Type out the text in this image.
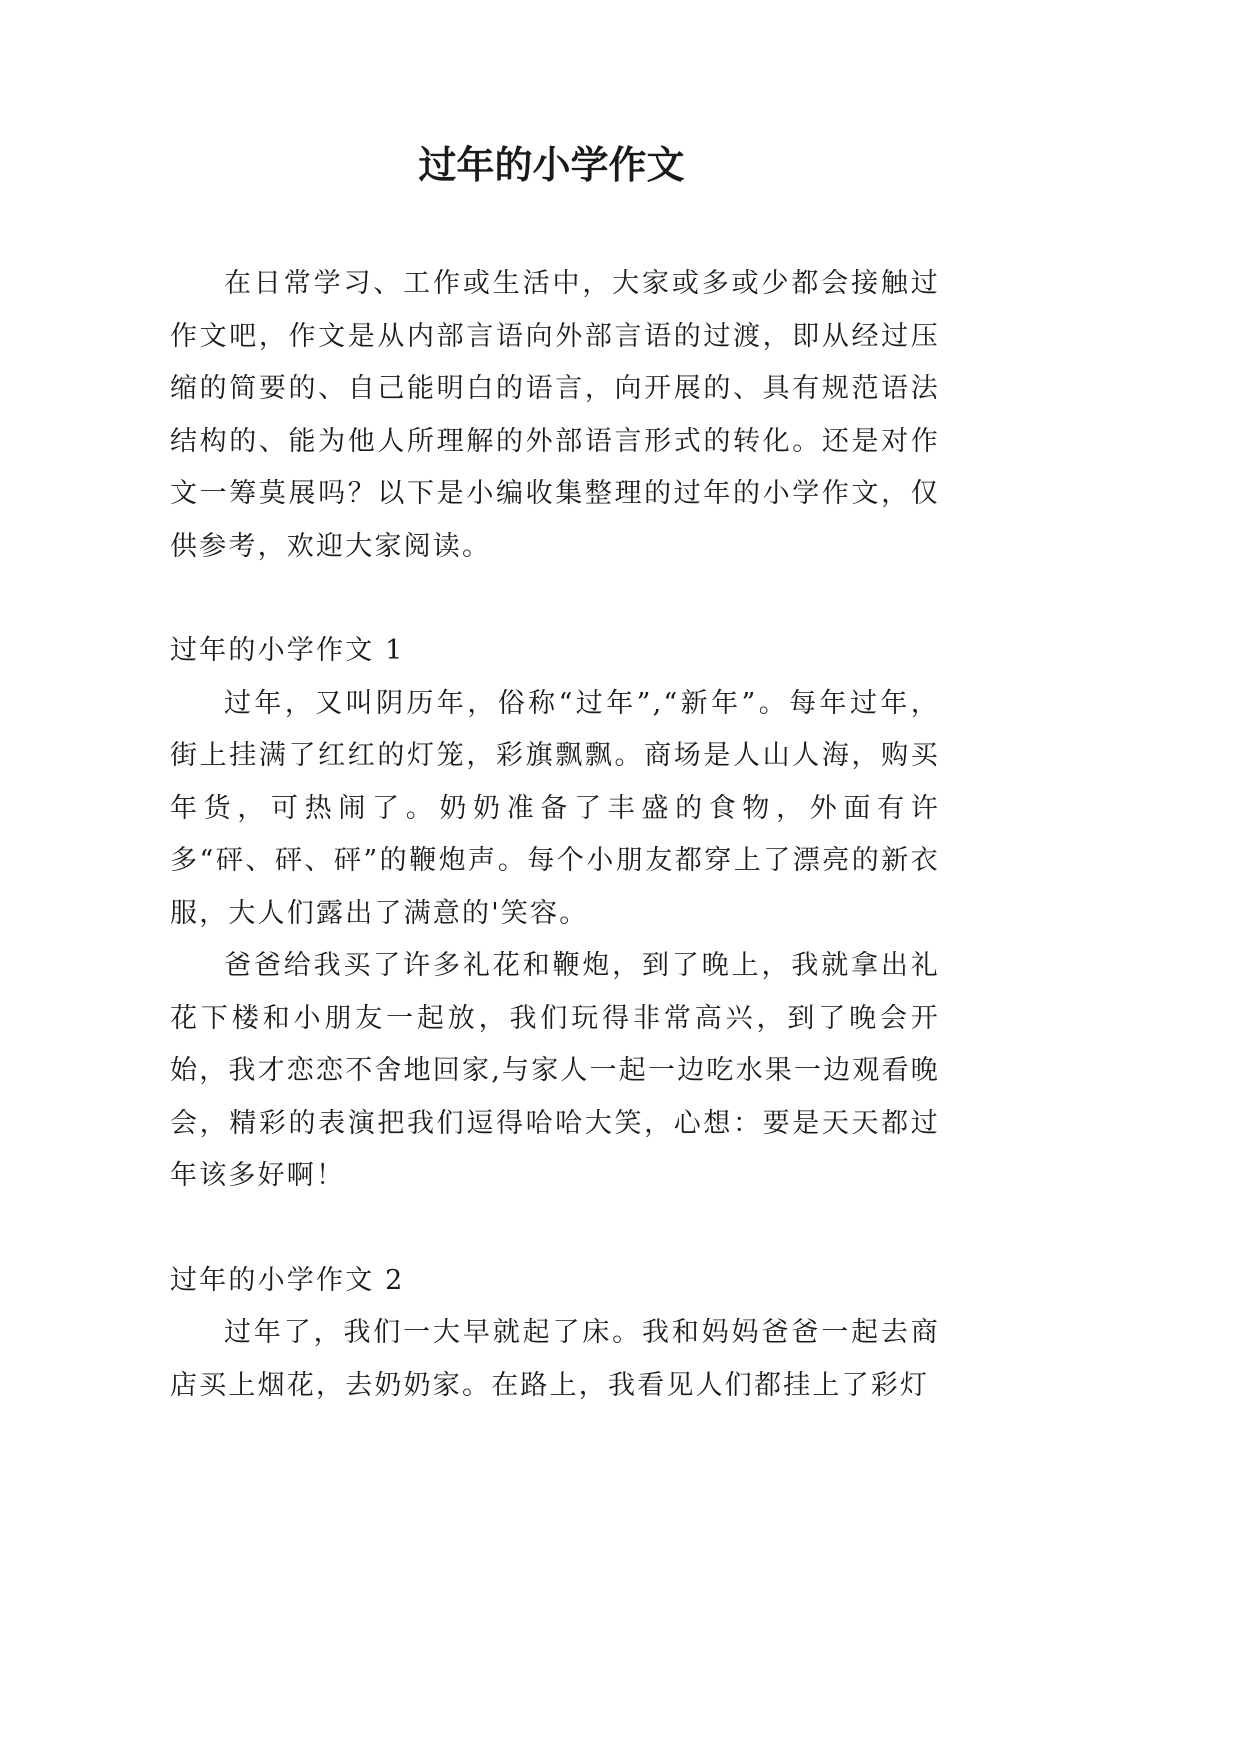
过年的小学作文

在日常学习、工作或生活中，大家或多或少都会接触过作文吧，作文是从内部言语向外部言语的过渡，即从经过压缩的简要的、自己能明白的语言，向开展的、具有规范语法结构的、能为他人所理解的外部语言形式的转化。还是对作文一筹莫展吗？以下是小编收集整理的过年的小学作文，仅供参考，欢迎大家阅读。

过年的小学作文 1

过年，又叫阴历年，俗称“过年”,“新年”。每年过年，街上挂满了红红的灯笼，彩旗飘飘。商场是人山人海，购买年货，可热闹了。奶奶准备了丰盛的食物，外面有许多“砰、砰、砰”的鞭炮声。每个小朋友都穿上了漂亮的新衣服，大人们露出了满意的'笑容。

爸爸给我买了许多礼花和鞭炮，到了晚上，我就拿出礼花下楼和小朋友一起放，我们玩得非常高兴，到了晚会开始，我才恋恋不舍地回家,与家人一起一边吃水果一边观看晚会，精彩的表演把我们逗得哈哈大笑，心想：要是天天都过年该多好啊！

过年的小学作文 2

过年了，我们一大早就起了床。我和妈妈爸爸一起去商店买上烟花，去奶奶家。在路上，我看见人们都挂上了彩灯
